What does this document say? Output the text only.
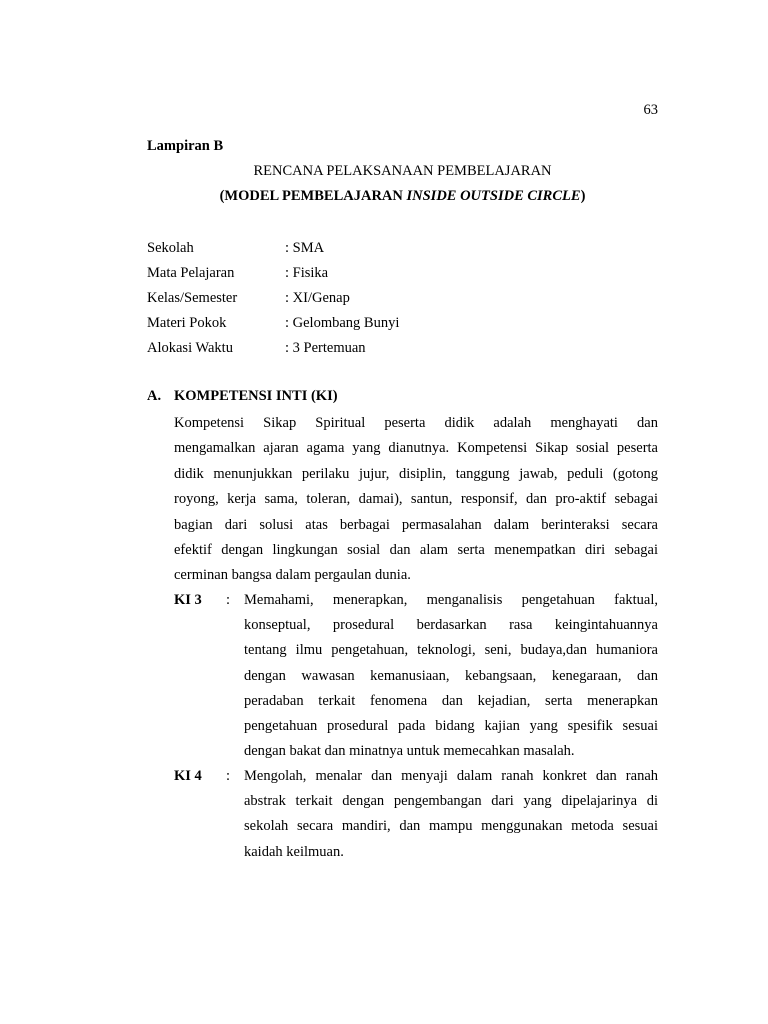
63
Lampiran B
RENCANA PELAKSANAAN PEMBELAJARAN
(MODEL PEMBELAJARAN INSIDE OUTSIDE CIRCLE)
Sekolah	: SMA
Mata Pelajaran	: Fisika
Kelas/Semester	: XI/Genap
Materi Pokok	: Gelombang Bunyi
Alokasi Waktu	: 3 Pertemuan
A. KOMPETENSI INTI (KI)
Kompetensi Sikap Spiritual peserta didik adalah menghayati dan
mengamalkan ajaran agama yang dianutnya. Kompetensi Sikap sosial peserta
didik menunjukkan perilaku jujur, disiplin, tanggung jawab, peduli (gotong
royong, kerja sama, toleran, damai), santun, responsif, dan pro-aktif sebagai
bagian dari solusi atas berbagai permasalahan dalam berinteraksi secara
efektif dengan lingkungan sosial dan alam serta menempatkan diri sebagai
cerminan bangsa dalam pergaulan dunia.
KI 3	: Memahami, menerapkan, menganalisis pengetahuan faktual,
konseptual, prosedural berdasarkan rasa keingintahuannya
tentang ilmu pengetahuan, teknologi, seni, budaya,dan humaniora
dengan wawasan kemanusiaan, kebangsaan, kenegaraan, dan
peradaban terkait fenomena dan kejadian, serta menerapkan
pengetahuan prosedural pada bidang kajian yang spesifik sesuai
dengan bakat dan minatnya untuk memecahkan masalah.
KI 4	: Mengolah, menalar dan menyaji dalam ranah konkret dan ranah
abstrak terkait dengan pengembangan dari yang dipelajarinya di
sekolah secara mandiri, dan mampu menggunakan metoda sesuai
kaidah keilmuan.
